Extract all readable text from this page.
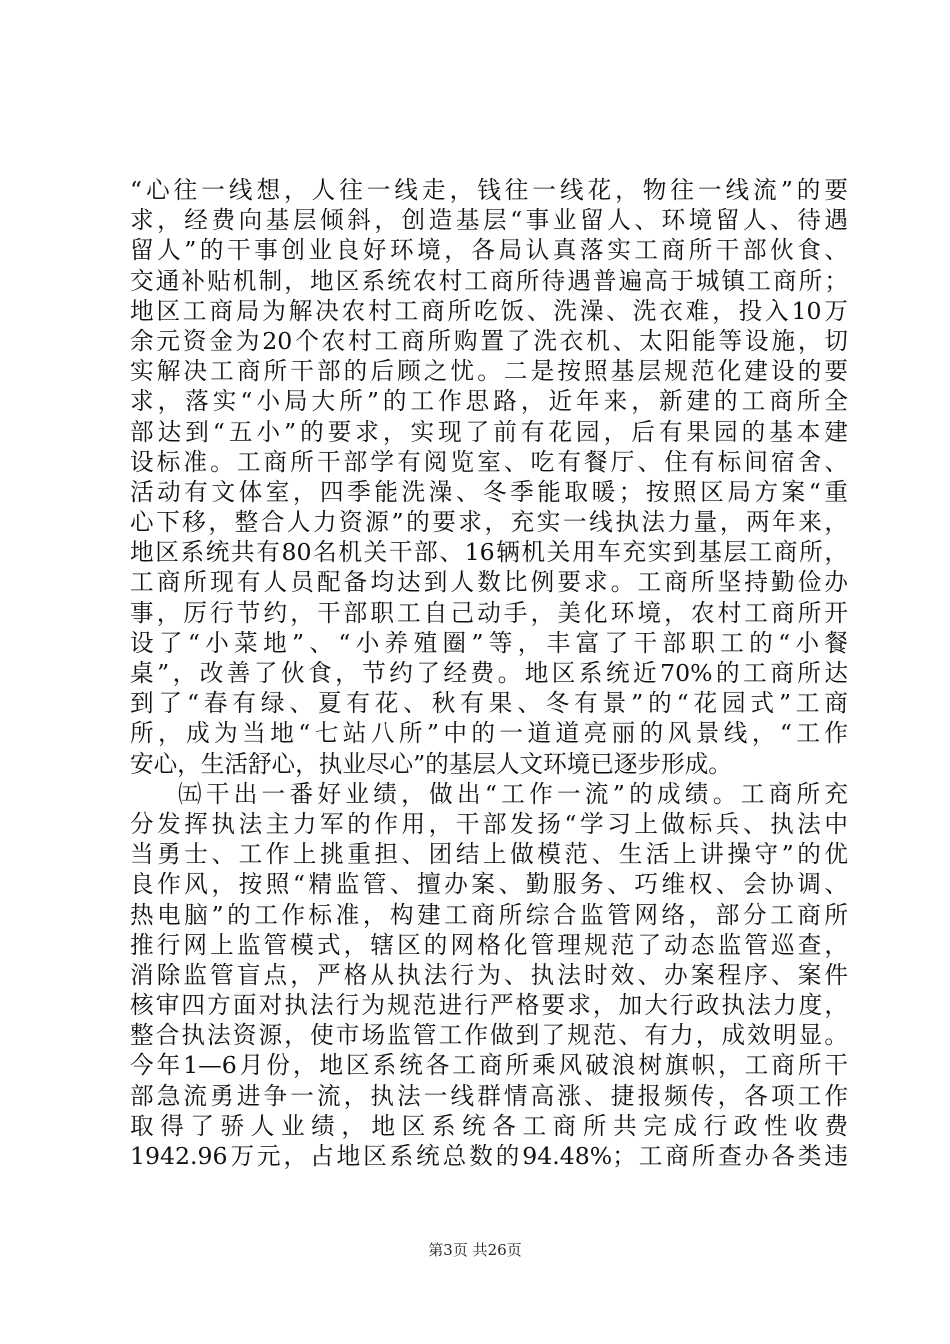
“心往一线想，人往一线走，钱往一线花，物往一线流”的要
求，经费向基层倾斜，创造基层“事业留人、环境留人、待遇
留人”的干事创业良好环境，各局认真落实工商所干部伙食、
交通补贴机制，地区系统农村工商所待遇普遍高于城镇工商所；
地区工商局为解决农村工商所吃饭、洗澡、洗衣难，投入10万
余元资金为20个农村工商所购置了洗衣机、太阳能等设施，切
实解决工商所干部的后顾之忧。二是按照基层规范化建设的要
求，落实“小局大所”的工作思路，近年来，新建的工商所全
部达到“五小”的要求，实现了前有花园，后有果园的基本建
设标准。工商所干部学有阅览室、吃有餐厅、住有标间宿舍、
活动有文体室，四季能洗澡、冬季能取暖；按照区局方案“重
心下移，整合人力资源”的要求，充实一线执法力量，两年来，
地区系统共有80名机关干部、16辆机关用车充实到基层工商所，
工商所现有人员配备均达到人数比例要求。工商所坚持勤俭办
事，厉行节约，干部职工自己动手，美化环境，农村工商所开
设了“小菜地”、“小养殖圈”等，丰富了干部职工的“小餐
桌”，改善了伙食，节约了经费。地区系统近70%的工商所达
到了“春有绿、夏有花、秋有果、冬有景”的“花园式”工商
所，成为当地“七站八所”中的一道道亮丽的风景线，“工作
安心，生活舒心，执业尽心”的基层人文环境已逐步形成。
㈤干出一番好业绩，做出“工作一流”的成绩。工商所充
分发挥执法主力军的作用，干部发扬“学习上做标兵、执法中
当勇士、工作上挑重担、团结上做模范、生活上讲操守”的优
良作风，按照“精监管、擅办案、勤服务、巧维权、会协调、
热电脑”的工作标准，构建工商所综合监管网络，部分工商所
推行网上监管模式，辖区的网格化管理规范了动态监管巡查，
消除监管盲点，严格从执法行为、执法时效、办案程序、案件
核审四方面对执法行为规范进行严格要求，加大行政执法力度，
整合执法资源，使市场监管工作做到了规范、有力，成效明显。
今年1—6月份，地区系统各工商所乘风破浪树旗帜，工商所干
部急流勇进争一流，执法一线群情高涨、捷报频传，各项工作
取得了骄人业绩，地区系统各工商所共完成行政性收费
1942.96万元，占地区系统总数的94.48%；工商所查办各类违
第3页 共26页
